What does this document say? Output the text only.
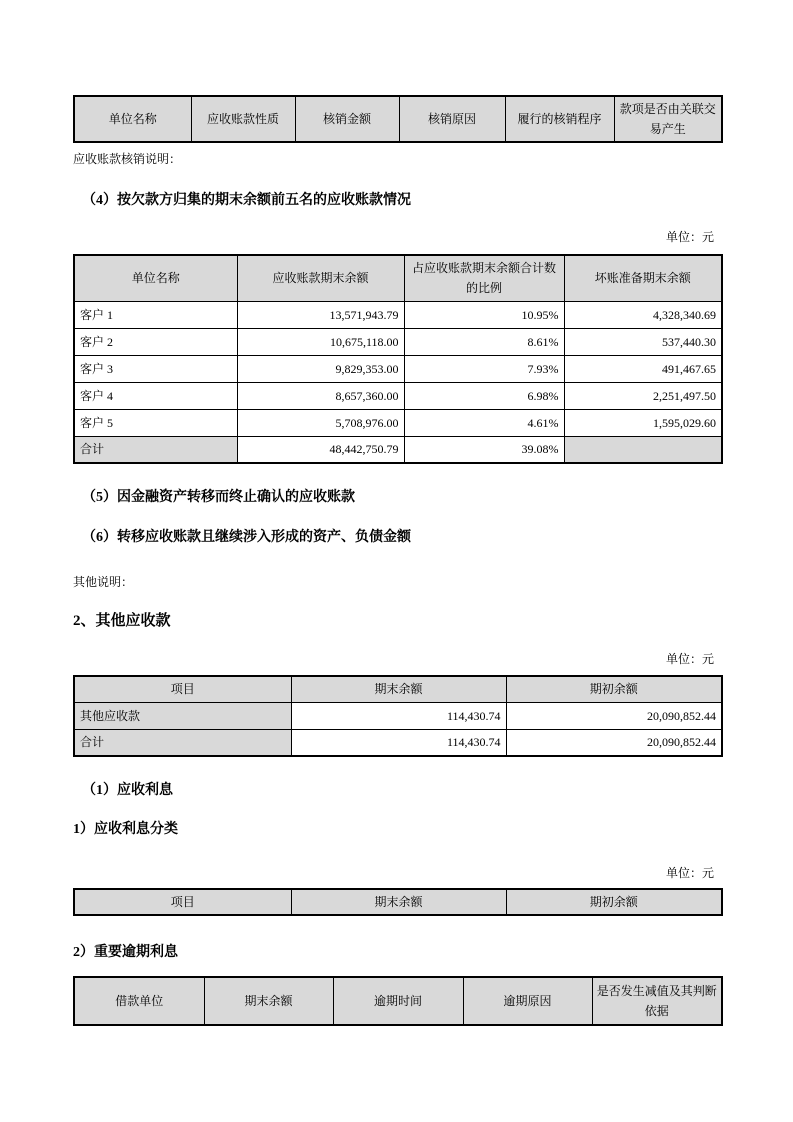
单位名称	应收账款性质	核销金额	核销原因	履行的核销程序	款项是否由关联交易产生

应收账款核销说明：

（4）按欠款方归集的期末余额前五名的应收账款情况
单位：元
单位名称	应收账款期末余额	占应收账款期末余额合计数的比例	坏账准备期末余额
客户 1	13,571,943.79	10.95%	4,328,340.69
客户 2	10,675,118.00	8.61%	537,440.30
客户 3	9,829,353.00	7.93%	491,467.65
客户 4	8,657,360.00	6.98%	2,251,497.50
客户 5	5,708,976.00	4.61%	1,595,029.60
合计	48,442,750.79	39.08%	
（5）因金融资产转移而终止确认的应收账款
（6）转移应收账款且继续涉入形成的资产、负债金额

其他说明：

2、其他应收款
单位：元
项目	期末余额	期初余额
其他应收款	114,430.74	20,090,852.44
合计	114,430.74	20,090,852.44
（1）应收利息
1）应收利息分类
单位：元
项目	期末余额	期初余额
2）重要逾期利息
借款单位	期末余额	逾期时间	逾期原因	是否发生减值及其判断依据
